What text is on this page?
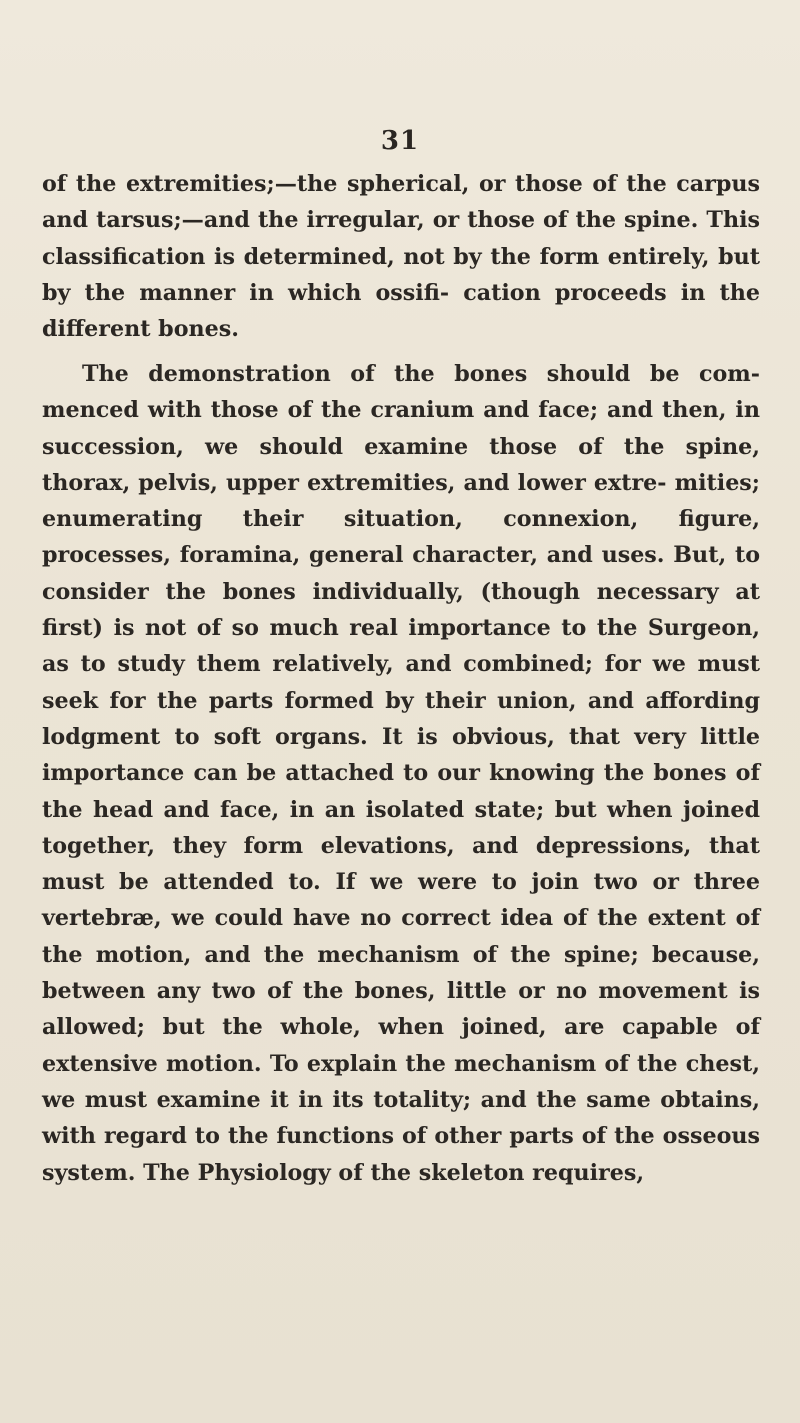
31

of the extremities;—the spherical, or those of the carpus and tarsus;—and the irregular, or those of the spine. This classification is determined, not by the form entirely, but by the manner in which ossifi- cation proceeds in the different bones.

The demonstration of the bones should be com- menced with those of the cranium and face; and then, in succession, we should examine those of the spine, thorax, pelvis, upper extremities, and lower extre- mities; enumerating their situation, connexion, figure, processes, foramina, general character, and uses. But, to consider the bones individually, (though necessary at first) is not of so much real importance to the Surgeon, as to study them relatively, and combined; for we must seek for the parts formed by their union, and affording lodgment to soft organs. It is obvious, that very little importance can be attached to our knowing the bones of the head and face, in an isolated state; but when joined together, they form elevations, and depressions, that must be attended to. If we were to join two or three vertebræ, we could have no correct idea of the extent of the motion, and the mechanism of the spine; because, between any two of the bones, little or no movement is allowed; but the whole, when joined, are capable of extensive motion. To explain the mechanism of the chest, we must examine it in its totality; and the same obtains, with regard to the functions of other parts of the osseous system. The Physiology of the skeleton requires,
